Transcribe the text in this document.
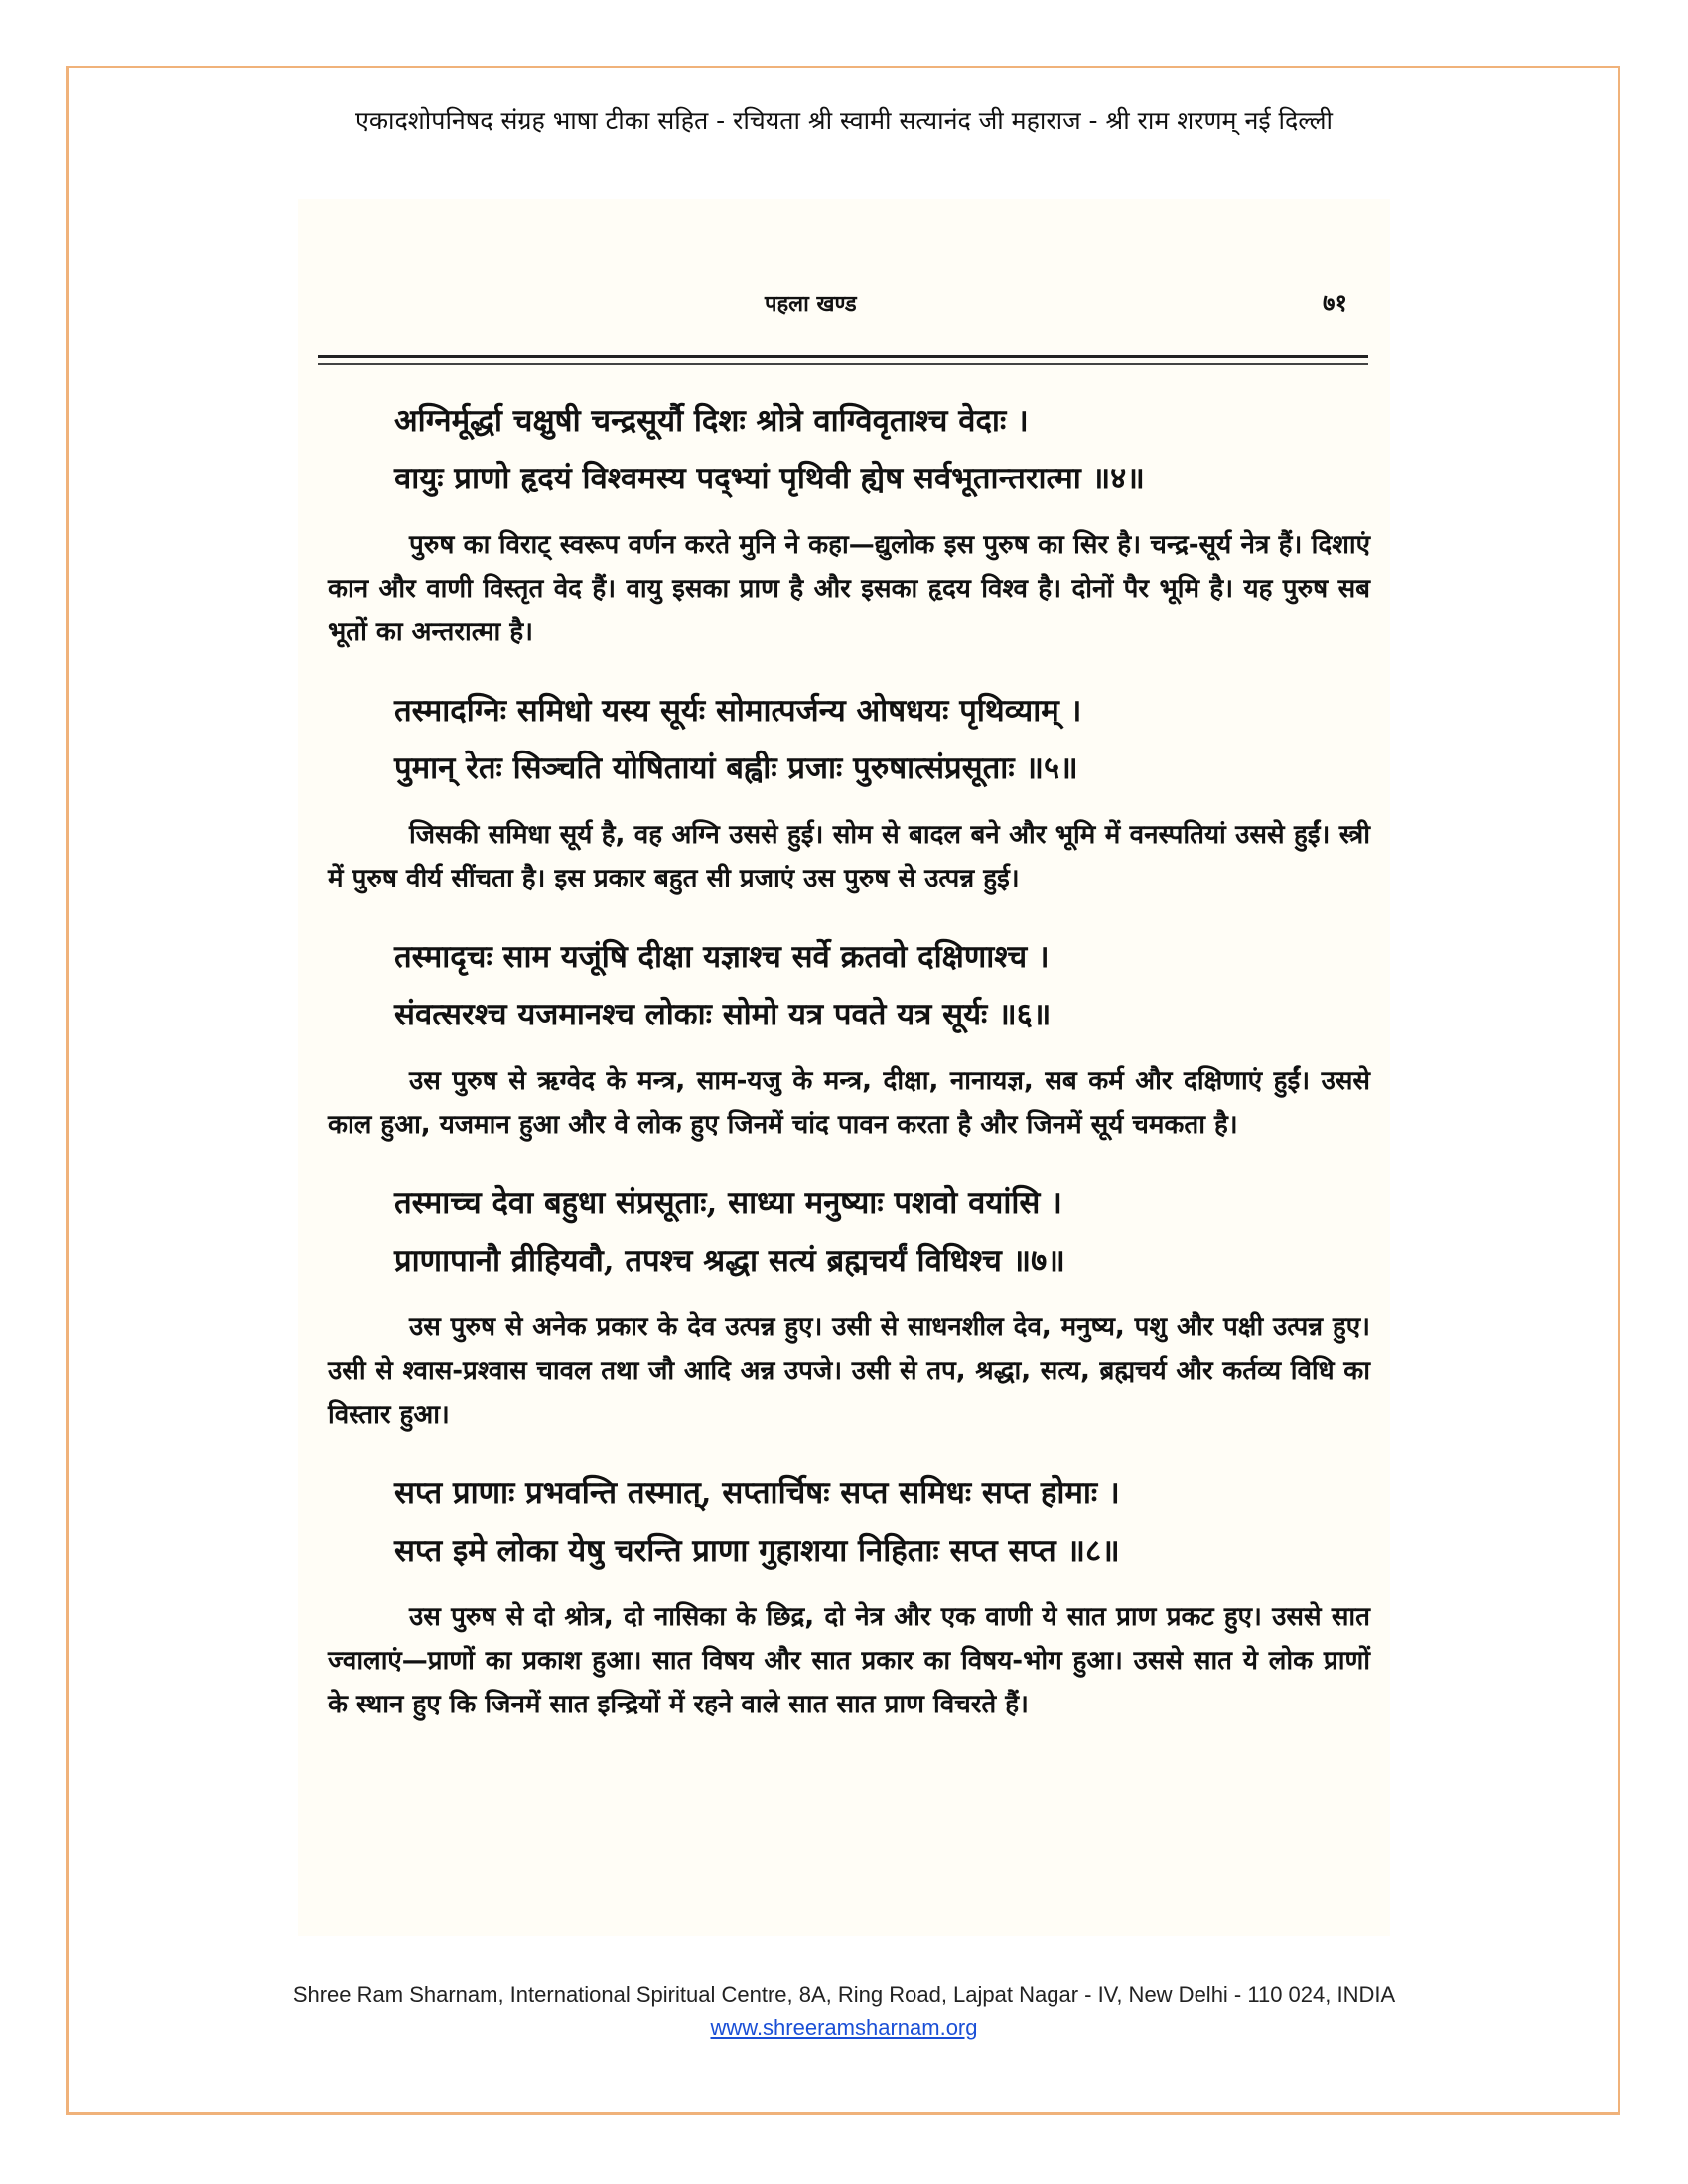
एकादशोपनिषद संग्रह भाषा टीका सहित - रचियता श्री स्वामी सत्यानंद जी महाराज - श्री राम शरणम् नई दिल्ली
पहला खण्ड	७१

अग्निर्मूर्द्धा चक्षुषी चन्द्रसूर्यौ दिशः श्रोत्रे वाग्विवृताश्च वेदाः ।

वायुः प्राणो हृदयं विश्वमस्य पद्भ्यां पृथिवी ह्येष सर्वभूतान्तरात्मा ॥४॥

पुरुष का विराट् स्वरूप वर्णन करते मुनि ने कहा—द्युलोक इस पुरुष का सिर है। चन्द्र-सूर्य नेत्र हैं। दिशाएं कान और वाणी विस्तृत वेद हैं। वायु इसका प्राण है और इसका हृदय विश्व है। दोनों पैर भूमि है। यह पुरुष सब भूतों का अन्तरात्मा है।

तस्मादग्निः समिधो यस्य सूर्यः सोमात्पर्जन्य ओषधयः पृथिव्याम् ।

पुमान् रेतः सिञ्चति योषितायां बह्वीः प्रजाः पुरुषात्संप्रसूताः ॥५॥

जिसकी समिधा सूर्य है, वह अग्नि उससे हुई। सोम से बादल बने और भूमि में वनस्पतियां उससे हुईं। स्त्री में पुरुष वीर्य सींचता है। इस प्रकार बहुत सी प्रजाएं उस पुरुष से उत्पन्न हुई।

तस्मादृचः साम यजूंषि दीक्षा यज्ञाश्च सर्वे क्रतवो दक्षिणाश्च ।

संवत्सरश्च यजमानश्च लोकाः सोमो यत्र पवते यत्र सूर्यः ॥६॥

उस पुरुष से ऋग्वेद के मन्त्र, साम-यजु के मन्त्र, दीक्षा, नानायज्ञ, सब कर्म और दक्षिणाएं हुईं। उससे काल हुआ, यजमान हुआ और वे लोक हुए जिनमें चांद पावन करता है और जिनमें सूर्य चमकता है।

तस्माच्च देवा बहुधा संप्रसूताः, साध्या मनुष्याः पशवो वयांसि ।

प्राणापानौ व्रीहियवौ, तपश्च श्रद्धा सत्यं ब्रह्मचर्यं विधिश्च ॥७॥

उस पुरुष से अनेक प्रकार के देव उत्पन्न हुए। उसी से साधनशील देव, मनुष्य, पशु और पक्षी उत्पन्न हुए। उसी से श्वास-प्रश्वास चावल तथा जौ आदि अन्न उपजे। उसी से तप, श्रद्धा, सत्य, ब्रह्मचर्य और कर्तव्य विधि का विस्तार हुआ।

सप्त प्राणाः प्रभवन्ति तस्मात्, सप्तार्चिषः सप्त समिधः सप्त होमाः ।

सप्त इमे लोका येषु चरन्ति प्राणा गुहाशया निहिताः सप्त सप्त ॥८॥

उस पुरुष से दो श्रोत्र, दो नासिका के छिद्र, दो नेत्र और एक वाणी ये सात प्राण प्रकट हुए। उससे सात ज्वालाएं—प्राणों का प्रकाश हुआ। सात विषय और सात प्रकार का विषय-भोग हुआ। उससे सात ये लोक प्राणों के स्थान हुए कि जिनमें सात इन्द्रियों में रहने वाले सात सात प्राण विचरते हैं।

Shree Ram Sharnam, International Spiritual Centre, 8A, Ring Road, Lajpat Nagar - IV, New Delhi - 110 024, INDIA
www.shreeramsharnam.org
